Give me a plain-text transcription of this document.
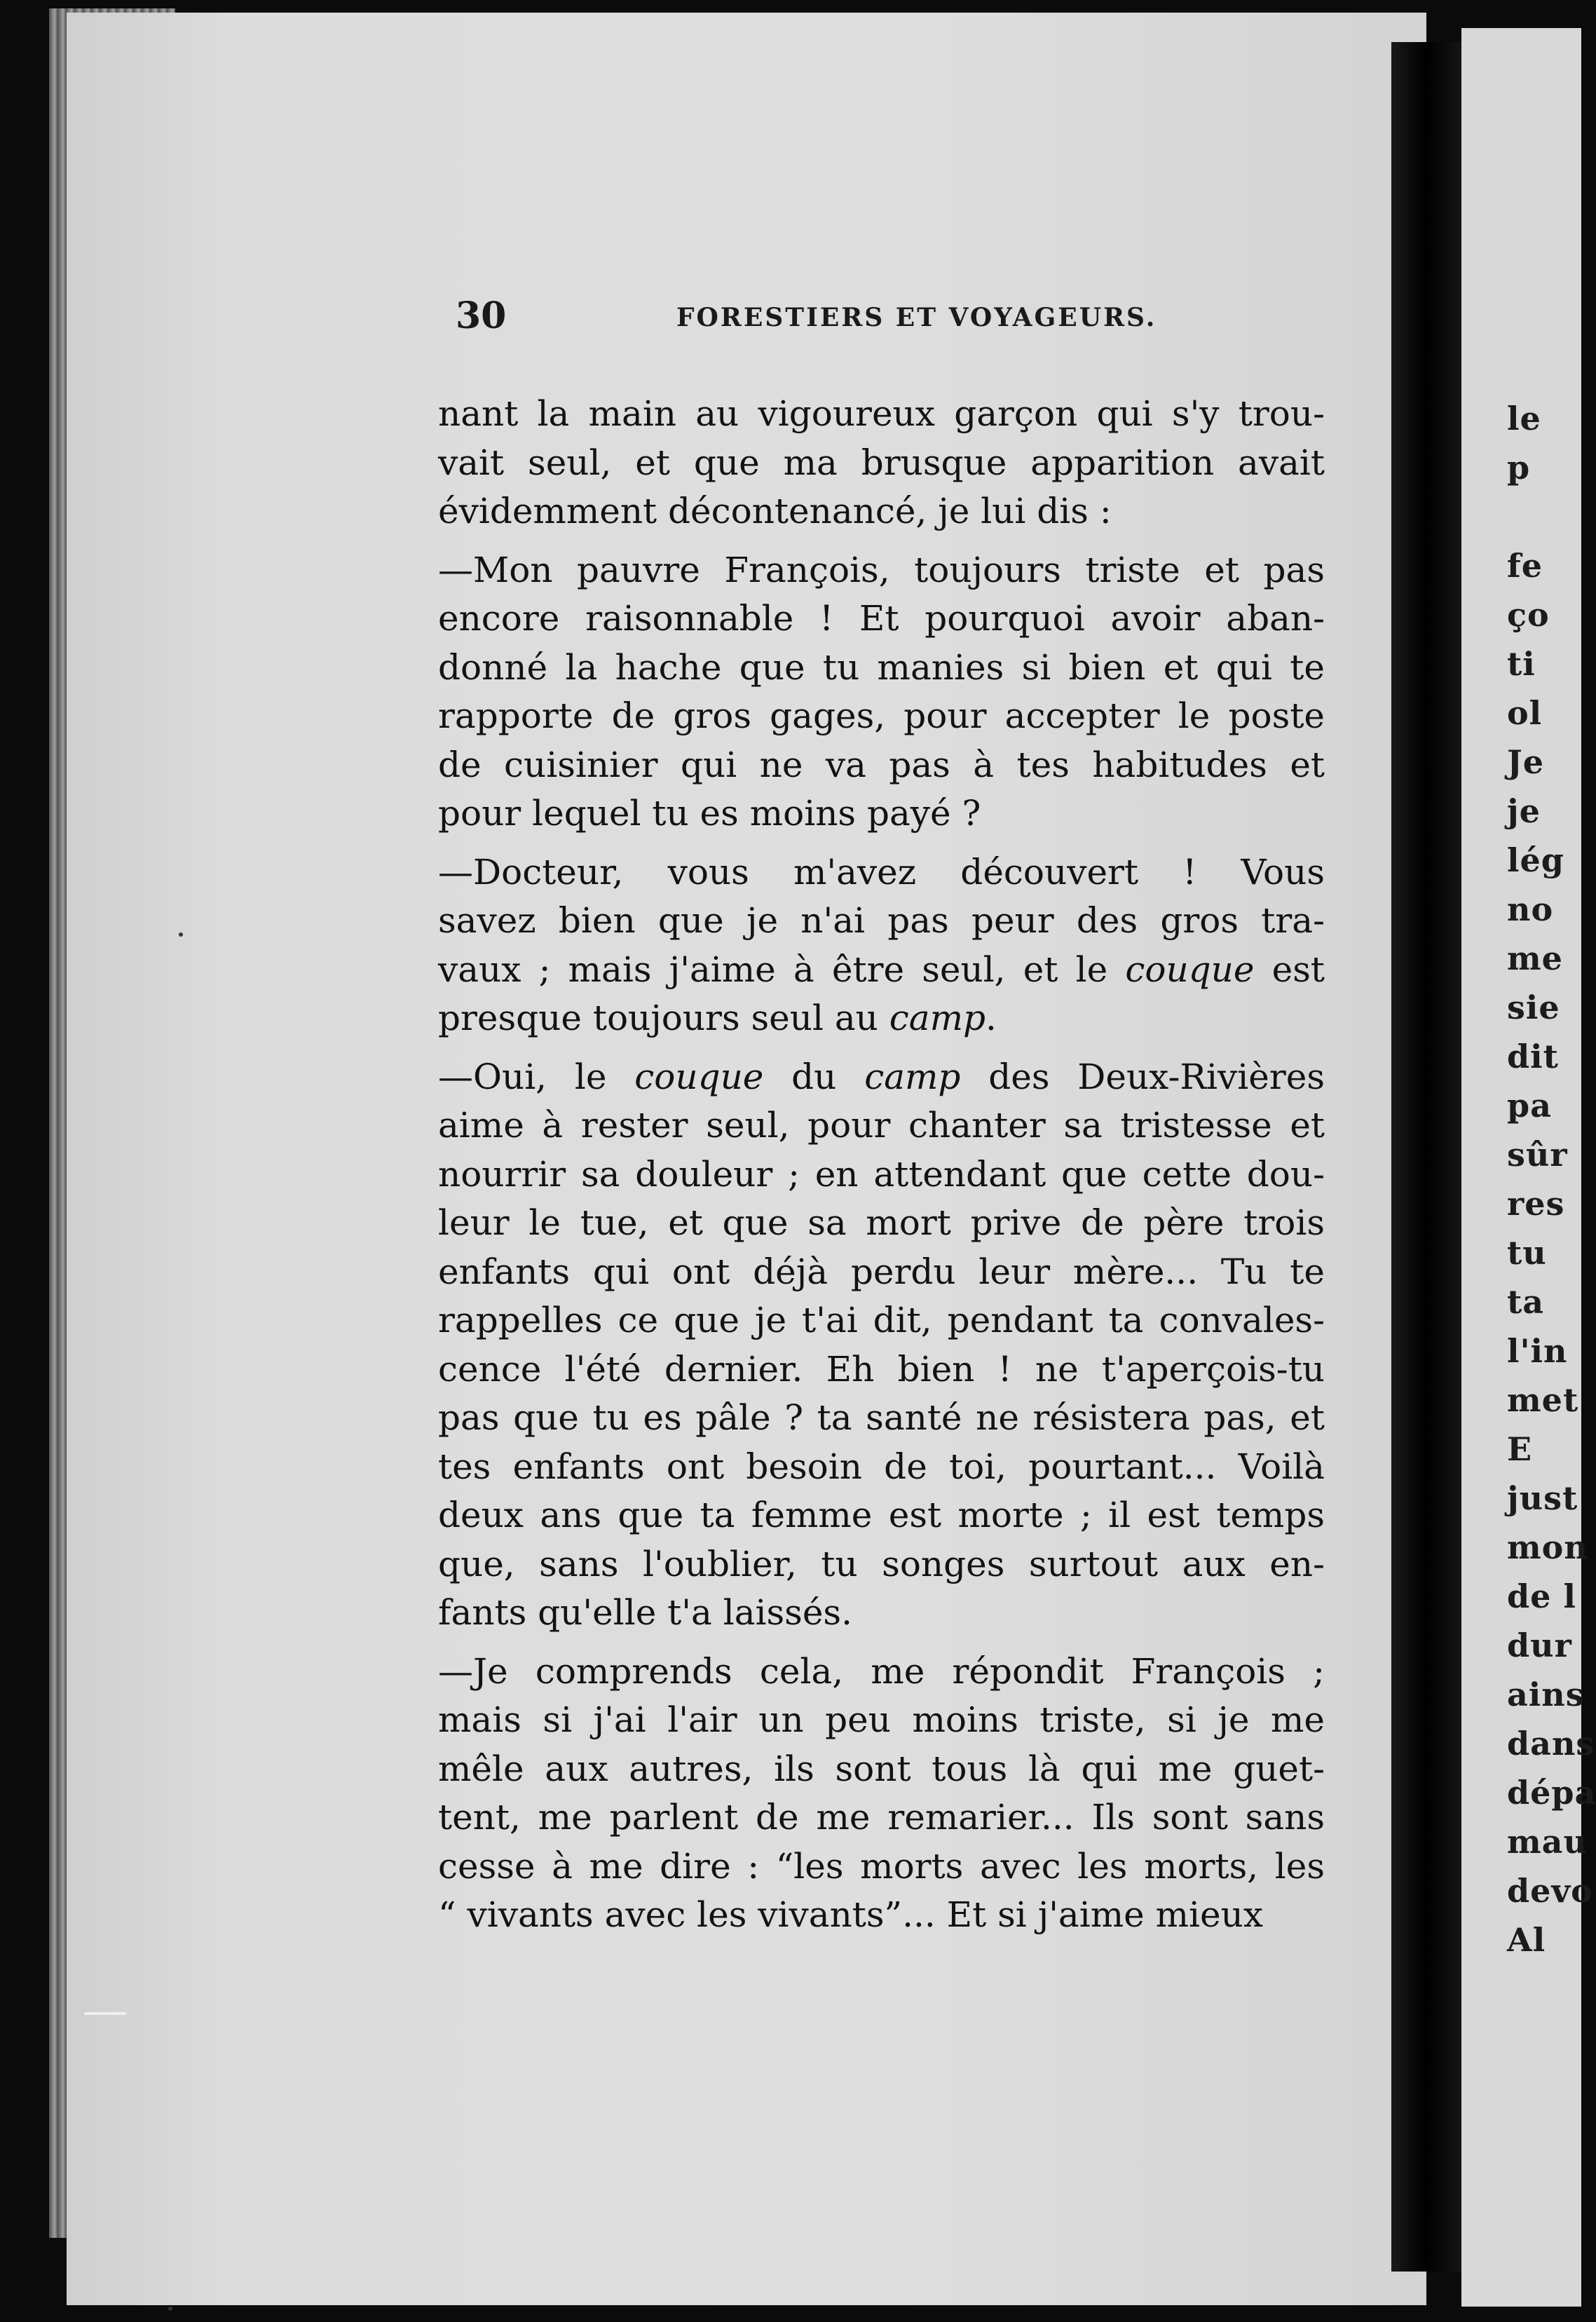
30	FORESTIERS ET VOYAGEURS.
nant la main au vigoureux garçon qui s'y trou-
vait seul, et que ma brusque apparition avait
évidemment décontenancé, je lui dis :
—Mon pauvre François, toujours triste et pas
encore raisonnable ! Et pourquoi avoir aban-
donné la hache que tu manies si bien et qui te
rapporte de gros gages, pour accepter le poste
de cuisinier qui ne va pas à tes habitudes et
pour lequel tu es moins payé ?
—Docteur, vous m'avez découvert ! Vous
savez bien que je n'ai pas peur des gros tra-
vaux ; mais j'aime à être seul, et le couque est
presque toujours seul au camp.
—Oui, le couque du camp des Deux-Rivières
aime à rester seul, pour chanter sa tristesse et
nourrir sa douleur ; en attendant que cette dou-
leur le tue, et que sa mort prive de père trois
enfants qui ont déjà perdu leur mère... Tu te
rappelles ce que je t'ai dit, pendant ta convales-
cence l'été dernier. Eh bien ! ne t'aperçois-tu
pas que tu es pâle ? ta santé ne résistera pas, et
tes enfants ont besoin de toi, pourtant... Voilà
deux ans que ta femme est morte ; il est temps
que, sans l'oublier, tu songes surtout aux en-
fants qu'elle t'a laissés.
—Je comprends cela, me répondit François ;
mais si j'ai l'air un peu moins triste, si je me
mêle aux autres, ils sont tous là qui me guet-
tent, me parlent de me remarier... Ils sont sans
cesse à me dire : “les morts avec les morts, les
“ vivants avec les vivants”... Et si j'aime mieux
le
p
fe
ço
ti
ol
Je
je
lég
no
me
sie
dit
pa
sûr
res
tu
ta
l'in
met
E
just
mon
de l
dur
ains
dans
dépa
mau
devo
Al
